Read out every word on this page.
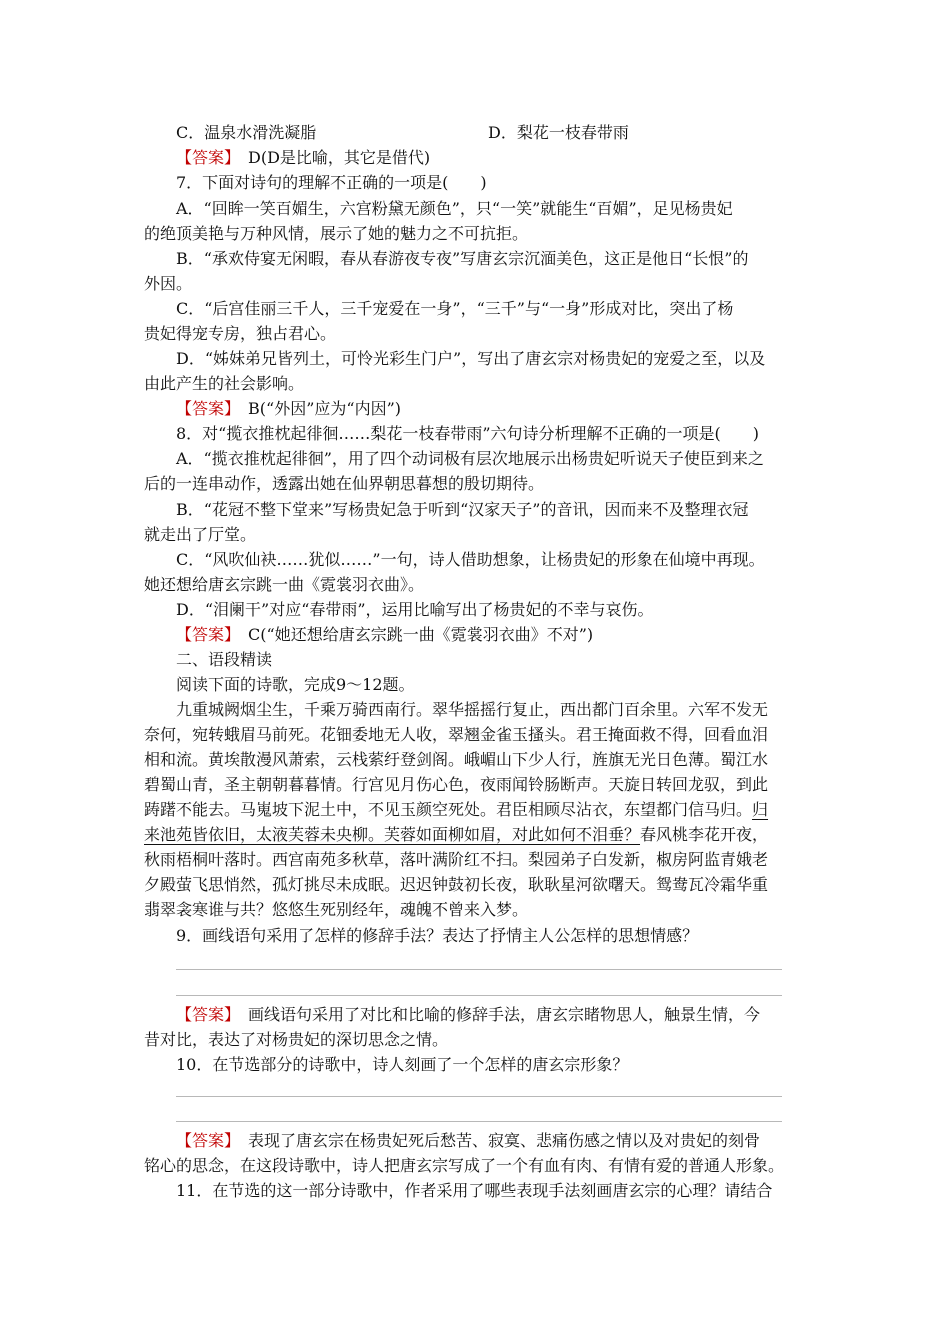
C．温泉水滑洗凝脂	D．梨花一枝春带雨
【答案】　 D(D是比喻，其它是借代)
7．下面对诗句的理解不正确的一项是(　　)
A．“回眸一笑百媚生，六宫粉黛无颜色”，只“一笑”就能生“百媚”，足见杨贵妃
的绝顶美艳与万种风情，展示了她的魅力之不可抗拒。
B．“承欢侍宴无闲暇，春从春游夜专夜”写唐玄宗沉湎美色，这正是他日“长恨”的
外因。
C．“后宫佳丽三千人，三千宠爱在一身”，“三千”与“一身”形成对比，突出了杨
贵妃得宠专房，独占君心。
D．“姊妹弟兄皆列土，可怜光彩生门户”，写出了唐玄宗对杨贵妃的宠爱之至，以及
由此产生的社会影响。
【答案】　 B(“外因”应为“内因”)
8．对“揽衣推枕起徘徊……梨花一枝春带雨”六句诗分析理解不正确的一项是(　　)
A．“揽衣推枕起徘徊”，用了四个动词极有层次地展示出杨贵妃听说天子使臣到来之
后的一连串动作，透露出她在仙界朝思暮想的殷切期待。
B．“花冠不整下堂来”写杨贵妃急于听到“汉家天子”的音讯，因而来不及整理衣冠
就走出了厅堂。
C．“风吹仙袂……犹似……”一句，诗人借助想象，让杨贵妃的形象在仙境中再现。
她还想给唐玄宗跳一曲《霓裳羽衣曲》。
D．“泪阑干”对应“春带雨”，运用比喻写出了杨贵妃的不幸与哀伤。
【答案】　 C(“她还想给唐玄宗跳一曲《霓裳羽衣曲》不对”)
二、语段精读
阅读下面的诗歌，完成9～12题。
九重城阙烟尘生，千乘万骑西南行。翠华摇摇行复止，西出都门百余里。六军不发无
奈何，宛转蛾眉马前死。花钿委地无人收，翠翘金雀玉搔头。君王掩面救不得，回看血泪
相和流。黄埃散漫风萧索，云栈萦纡登剑阁。峨嵋山下少人行，旌旗无光日色薄。蜀江水
碧蜀山青，圣主朝朝暮暮情。行宫见月伤心色，夜雨闻铃肠断声。天旋日转回龙驭，到此
踌躇不能去。马嵬坡下泥土中，不见玉颜空死处。君臣相顾尽沾衣，东望都门信马归。归
来池苑皆依旧，太液芙蓉未央柳。芙蓉如面柳如眉，对此如何不泪垂？春风桃李花开夜，
秋雨梧桐叶落时。西宫南苑多秋草，落叶满阶红不扫。梨园弟子白发新，椒房阿监青娥老
夕殿萤飞思悄然，孤灯挑尽未成眠。迟迟钟鼓初长夜，耿耿星河欲曙天。鸳鸯瓦冷霜华重
翡翠衾寒谁与共？悠悠生死别经年，魂魄不曾来入梦。
9．画线语句采用了怎样的修辞手法？表达了抒情主人公怎样的思想情感？
【答案】　 画线语句采用了对比和比喻的修辞手法，唐玄宗睹物思人，触景生情，今
昔对比，表达了对杨贵妃的深切思念之情。
10．在节选部分的诗歌中，诗人刻画了一个怎样的唐玄宗形象？
【答案】　 表现了唐玄宗在杨贵妃死后愁苦、寂寞、悲痛伤感之情以及对贵妃的刻骨
铭心的思念，在这段诗歌中，诗人把唐玄宗写成了一个有血有肉、有情有爱的普通人形象。
11．在节选的这一部分诗歌中，作者采用了哪些表现手法刻画唐玄宗的心理？请结合
